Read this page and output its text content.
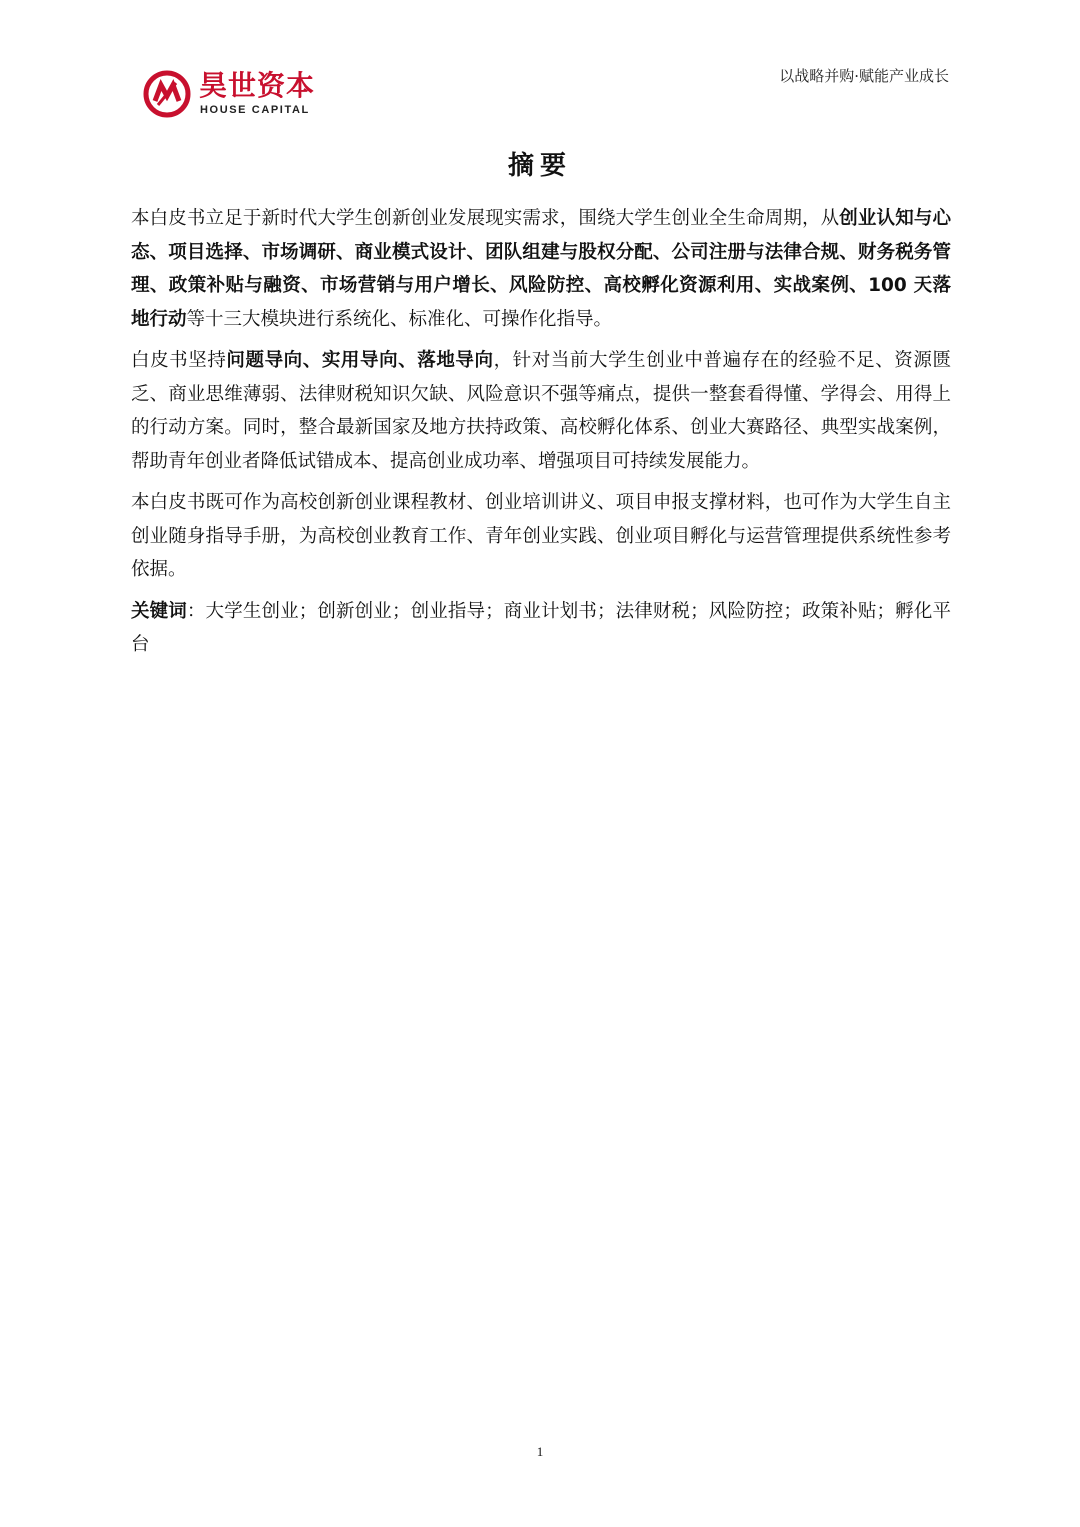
昊世资本
HOUSE CAPITAL
以战略并购·赋能产业成长
摘要

本白皮书立足于新时代大学生创新创业发展现实需求，围绕大学生创业全生命周期，从创业认知与心态、项目选择、市场调研、商业模式设计、团队组建与股权分配、公司注册与法律合规、财务税务管理、政策补贴与融资、市场营销与用户增长、风险防控、高校孵化资源利用、实战案例、100 天落地行动等十三大模块进行系统化、标准化、可操作化指导。

白皮书坚持问题导向、实用导向、落地导向，针对当前大学生创业中普遍存在的经验不足、资源匮乏、商业思维薄弱、法律财税知识欠缺、风险意识不强等痛点，提供一整套看得懂、学得会、用得上的行动方案。同时，整合最新国家及地方扶持政策、高校孵化体系、创业大赛路径、典型实战案例，帮助青年创业者降低试错成本、提高创业成功率、增强项目可持续发展能力。

本白皮书既可作为高校创新创业课程教材、创业培训讲义、项目申报支撑材料，也可作为大学生自主创业随身指导手册，为高校创业教育工作、青年创业实践、创业项目孵化与运营管理提供系统性参考依据。

关键词：大学生创业；创新创业；创业指导；商业计划书；法律财税；风险防控；政策补贴；孵化平台

1
